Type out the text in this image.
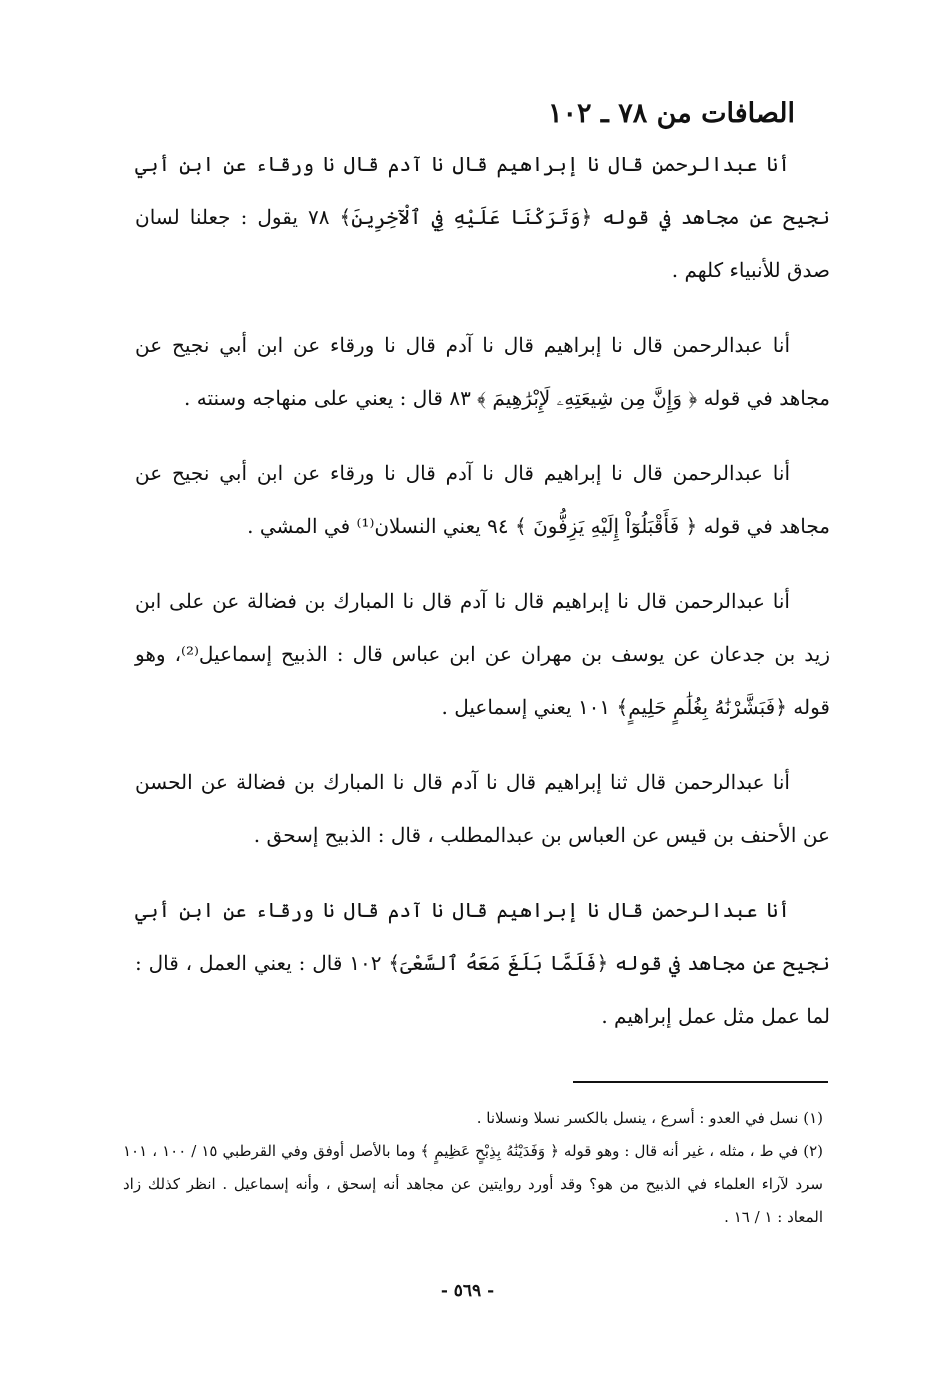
الصافات من ٧٨ ـ ١٠٢

أنا عبدالرحمن قال نا إبراهيم قال نا آدم قال نا ورقاء عن ابن أبي نجيح عن مجاهد في قوله ﴿وَتَرَكْنَا عَلَيْهِ فِي ٱلْآخِرِينَ﴾ ٧٨ يقول : جعلنا لسان صدق للأنبياء كلهم .

أنا عبدالرحمن قال نا إبراهيم قال نا آدم قال نا ورقاء عن ابن أبي نجيح عن مجاهد في قوله ﴿ وَإِنَّ مِن شِيعَتِهِۦ لَإِبْرَٰهِيمَ ﴾ ٨٣ قال : يعني على منهاجه وسنته .

أنا عبدالرحمن قال نا إبراهيم قال نا آدم قال نا ورقاء عن ابن أبي نجيح عن مجاهد في قوله ﴿ فَأَقْبَلُوٓاْ إِلَيْهِ يَزِفُّونَ ﴾ ٩٤ يعني النسلان⁽¹⁾ في المشي .

أنا عبدالرحمن قال نا إبراهيم قال نا آدم قال نا المبارك بن فضالة عن على ابن زيد بن جدعان عن يوسف بن مهران عن ابن عباس قال : الذبيح إسماعيل⁽²⁾، وهو قوله ﴿فَبَشَّرْنَٰهُ بِغُلَٰمٍ حَلِيمٍ﴾ ١٠١ يعني إسماعيل .

أنا عبدالرحمن قال ثنا إبراهيم قال نا آدم قال نا المبارك بن فضالة عن الحسن عن الأحنف بن قيس عن العباس بن عبدالمطلب ، قال : الذبيح إسحق .

أنا عبدالرحمن قال نا إبراهيم قال نا آدم قال نا ورقاء عن ابن أبي نجيح عن مجاهد في قوله ﴿فَلَمَّا بَلَغَ مَعَهُ ٱلسَّعْىَ﴾ ١٠٢ قال : يعني العمل ، قال : لما عمل مثل عمل إبراهيم .

(١) نسل في العدو : أسرع ، ينسل بالكسر نسلا ونسلانا .

(٢) في ط ، مثله ، غير أنه قال : وهو قوله ﴿ وَفَدَيْنَٰهُ بِذِبْحٍ عَظِيمٍ ﴾ وما بالأصل أوفق وفي القرطبي ١٥ / ١٠٠ ، ١٠١ سرد لآراء العلماء في الذبيح من هو؟ وقد أورد روايتين عن مجاهد أنه إسحق ، وأنه إسماعيل . انظر كذلك زاد المعاد : ١ / ١٦ .

- ٥٦٩ -
